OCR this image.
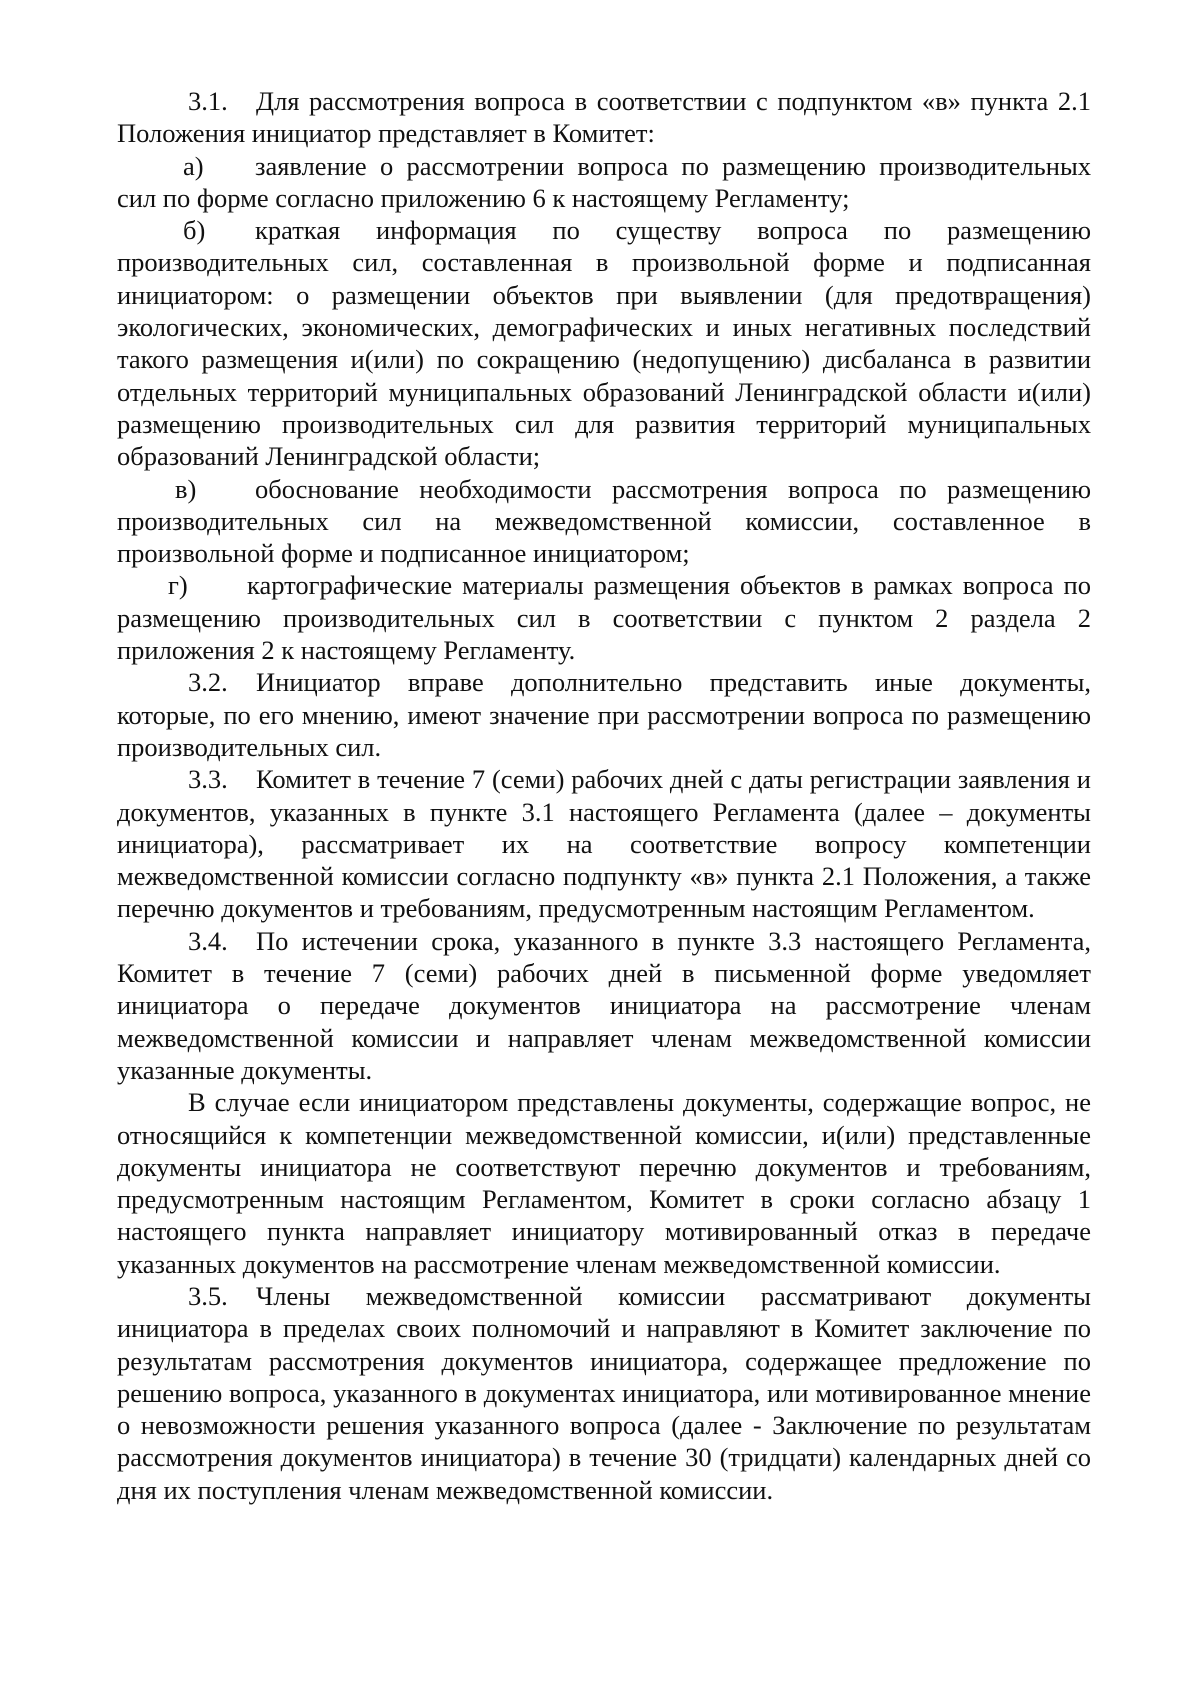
3.1. Для рассмотрения вопроса в соответствии с подпунктом «в» пункта 2.1 Положения инициатор представляет в Комитет:

а) заявление о рассмотрении вопроса по размещению производительных сил по форме согласно приложению 6 к настоящему Регламенту;

б) краткая информация по существу вопроса по размещению производительных сил, составленная в произвольной форме и подписанная инициатором: о размещении объектов при выявлении (для предотвращения) экологических, экономических, демографических и иных негативных последствий такого размещения и(или) по сокращению (недопущению) дисбаланса в развитии отдельных территорий муниципальных образований Ленинградской области и(или) размещению производительных сил для развития территорий муниципальных образований Ленинградской области;

в) обоснование необходимости рассмотрения вопроса по размещению производительных сил на межведомственной комиссии, составленное в произвольной форме и подписанное инициатором;

г) картографические материалы размещения объектов в рамках вопроса по размещению производительных сил в соответствии с пунктом 2 раздела 2 приложения 2 к настоящему Регламенту.

3.2. Инициатор вправе дополнительно представить иные документы, которые, по его мнению, имеют значение при рассмотрении вопроса по размещению производительных сил.

3.3. Комитет в течение 7 (семи) рабочих дней с даты регистрации заявления и документов, указанных в пункте 3.1 настоящего Регламента (далее – документы инициатора), рассматривает их на соответствие вопросу компетенции межведомственной комиссии согласно подпункту «в» пункта 2.1 Положения, а также перечню документов и требованиям, предусмотренным настоящим Регламентом.

3.4. По истечении срока, указанного в пункте 3.3 настоящего Регламента, Комитет в течение 7 (семи) рабочих дней в письменной форме уведомляет инициатора о передаче документов инициатора на рассмотрение членам межведомственной комиссии и направляет членам межведомственной комиссии указанные документы.

В случае если инициатором представлены документы, содержащие вопрос, не относящийся к компетенции межведомственной комиссии, и(или) представленные документы инициатора не соответствуют перечню документов и требованиям, предусмотренным настоящим Регламентом, Комитет в сроки согласно абзацу 1 настоящего пункта направляет инициатору мотивированный отказ в передаче указанных документов на рассмотрение членам межведомственной комиссии.

3.5. Члены межведомственной комиссии рассматривают документы инициатора в пределах своих полномочий и направляют в Комитет заключение по результатам рассмотрения документов инициатора, содержащее предложение по решению вопроса, указанного в документах инициатора, или мотивированное мнение о невозможности решения указанного вопроса (далее - Заключение по результатам рассмотрения документов инициатора) в течение 30 (тридцати) календарных дней со дня их поступления членам межведомственной комиссии.
